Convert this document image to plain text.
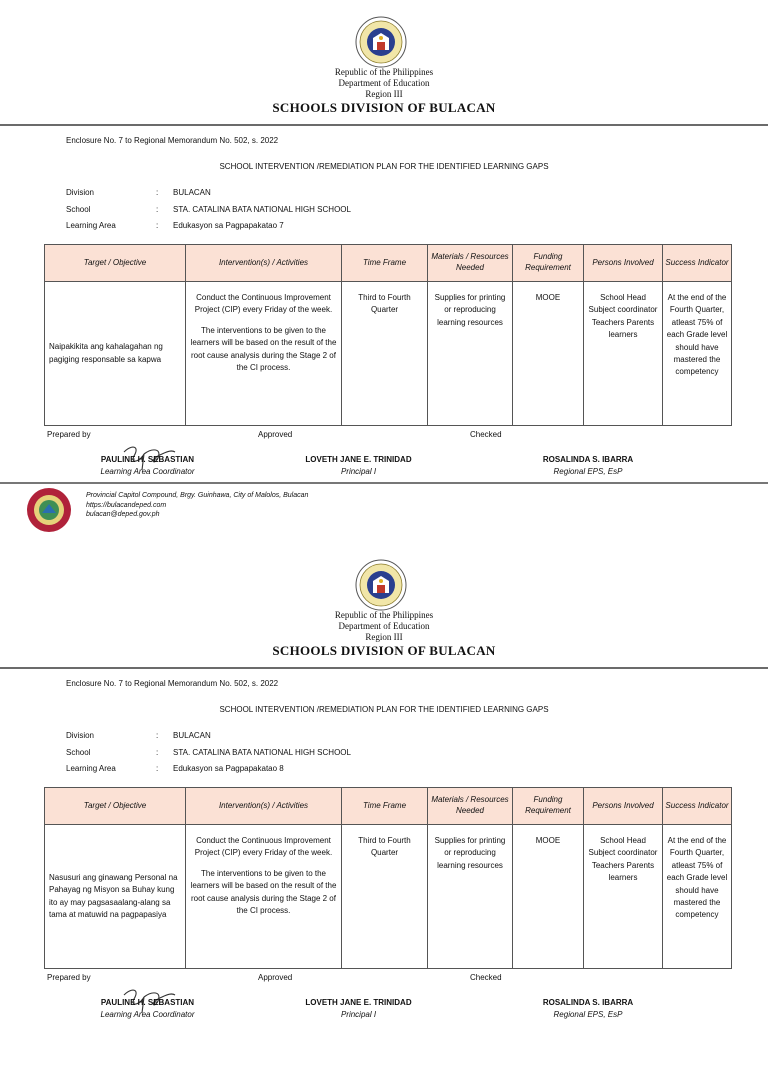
Republic of the Philippines
Department of Education
Region III
SCHOOLS DIVISION OF BULACAN
Enclosure No. 7 to Regional Memorandum No. 502, s. 2022
SCHOOL INTERVENTION /REMEDIATION PLAN FOR THE IDENTIFIED LEARNING GAPS
Division	: BULACAN
School	: STA. CATALINA BATA NATIONAL HIGH SCHOOL
Learning Area	: Edukasyon sa Pagpapakatao 7
Target / Objective	Intervention(s) / Activities	Time Frame	Materials / Resources Needed	Funding Requirement	Persons Involved	Success Indicator
Naipakikita ang kahalagahan ng pagiging responsable sa kapwa	Conduct the Continuous Improvement Project (CIP) every Friday of the week.

The interventions to be given to the learners will be based on the result of the root cause analysis during the Stage 2 of the CI process.	Third to Fourth Quarter	Supplies for printing or reproducing learning resources	MOOE	School Head Subject coordinator Teachers Parents learners	At the end of the Fourth Quarter, atleast 75% of each Grade level should have mastered the competency
Prepared by	Approved	Checked
PAULINE H. SEBASTIAN
Learning Area Coordinator
LOVETH JANE E. TRINIDAD
Principal I
ROSALINDA S. IBARRA
Regional EPS, EsP
Provincial Capitol Compound, Brgy. Guinhawa, City of Malolos, Bulacan
https://bulacandeped.com
bulacan@deped.gov.ph
Republic of the Philippines
Department of Education
Region III
SCHOOLS DIVISION OF BULACAN
Enclosure No. 7 to Regional Memorandum No. 502, s. 2022
SCHOOL INTERVENTION /REMEDIATION PLAN FOR THE IDENTIFIED LEARNING GAPS
Division	: BULACAN
School	: STA. CATALINA BATA NATIONAL HIGH SCHOOL
Learning Area	: Edukasyon sa Pagpapakatao 8
Target / Objective	Intervention(s) / Activities	Time Frame	Materials / Resources Needed	Funding Requirement	Persons Involved	Success Indicator
Nasusuri ang ginawang Personal na Pahayag ng Misyon sa Buhay kung ito ay may pagsasaalang-alang sa tama at matuwid na pagpapasiya	Conduct the Continuous Improvement Project (CIP) every Friday of the week.

The interventions to be given to the learners will be based on the result of the root cause analysis during the Stage 2 of the CI process.	Third to Fourth Quarter	Supplies for printing or reproducing learning resources	MOOE	School Head Subject coordinator Teachers Parents learners	At the end of the Fourth Quarter, atleast 75% of each Grade level should have mastered the competency
Prepared by	Approved	Checked
PAULINE H. SEBASTIAN
Learning Area Coordinator
LOVETH JANE E. TRINIDAD
Principal I
ROSALINDA S. IBARRA
Regional EPS, EsP
